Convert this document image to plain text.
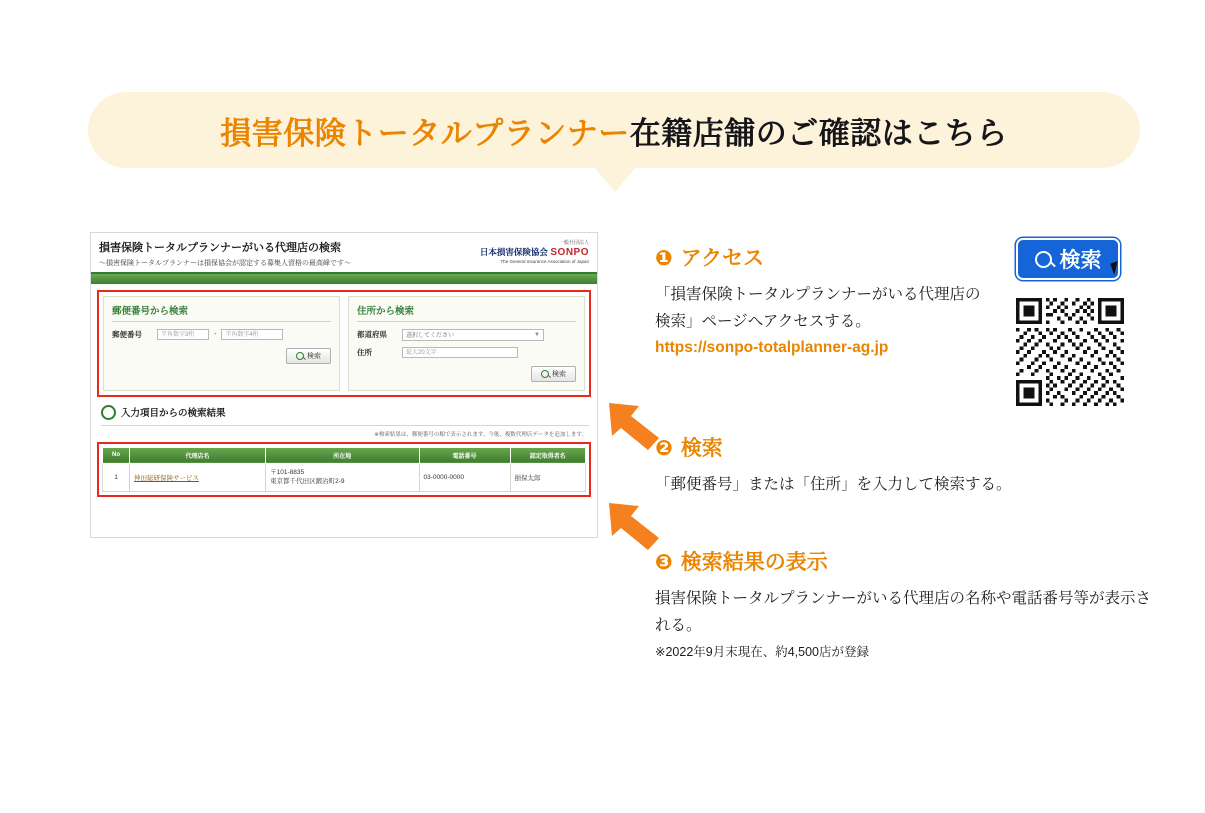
損害保険トータルプランナー在籍店舗のご確認はこちら
損害保険トータルプランナーがいる代理店の検索
～損害保険トータルプランナーは損保協会が認定する募集人資格の最高峰です～
一般社団法人
日本損害保険協会 SONPO
The General Insurance Association of Japan
郵便番号から検索
郵便番号	半角数字3桁	-	半角数字4桁
検索
住所から検索
都道府県	選択してください	▼
住所	最大20文字
検索
入力項目からの検索結果
※検索結果は、郵便番号の順で表示されます。今後、複数代理店データを追加します。
No	代理店名	所在地	電話番号	認定取得者名
1	神田総研保険サービス	〒101-8835
東京都千代田区鍛冶町2-9	03-0000-0000	損保太郎
❶ アクセス
「損害保険トータルプランナーがいる代理店の検索」ページへアクセスする。
https://sonpo-totalplanner-ag.jp
❷ 検索
「郵便番号」または「住所」を入力して検索する。
❸ 検索結果の表示
損害保険トータルプランナーがいる代理店の名称や電話番号等が表示される。
※2022年9月末現在、約4,500店が登録
検索
